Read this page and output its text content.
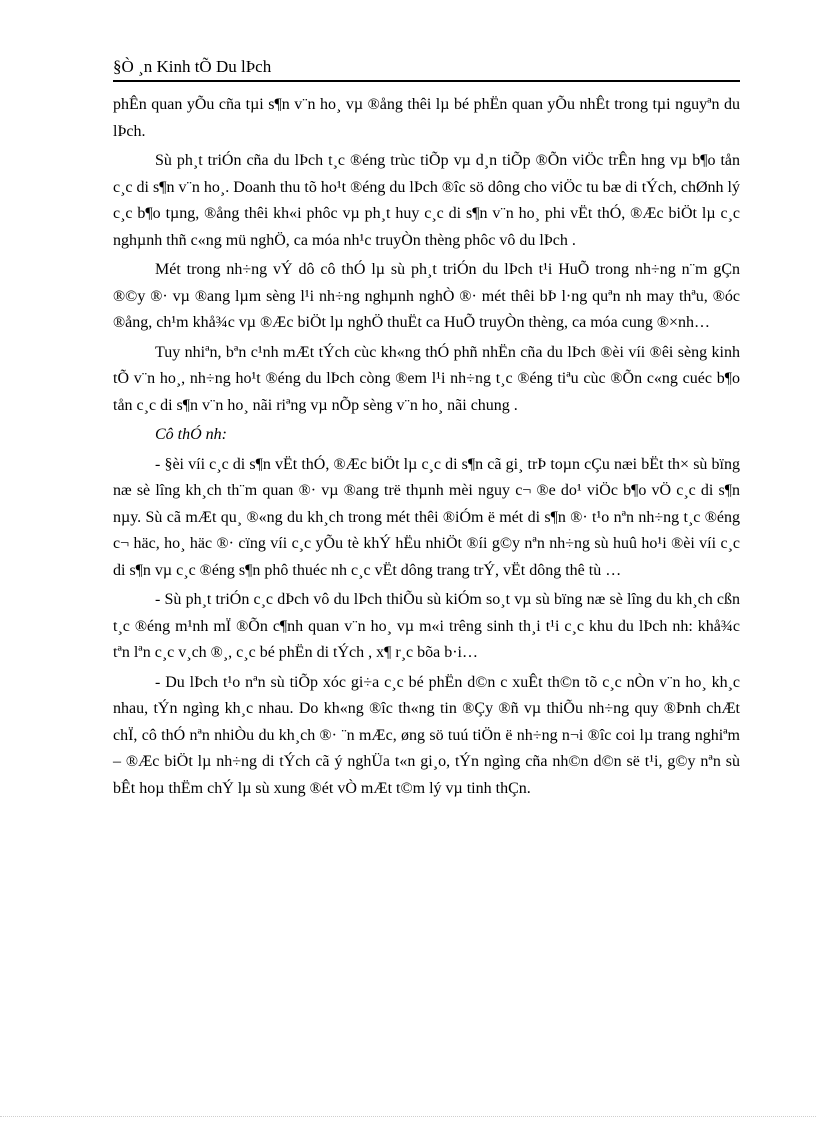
§Ò ¸n Kinh tÕ Du lÞch

phÊn quan yÕu cña tµi s¶n v¨n ho¸ vµ ®ång thêi lµ bé phËn quan yÕu nhÊt trong tµi nguyªn du lÞch.

Sù ph¸t triÓn cña du lÞch t¸c ®éng trùc tiÕp vµ d¸n tiÕp ®Õn viÖc trÊn hng vµ b¶o tån c¸c di s¶n v¨n ho¸. Doanh thu tõ ho¹t ®éng du lÞch ®îc sö dông cho viÖc tu bæ di tÝch, chØnh lý c¸c b¶o tµng, ®ång thêi kh«i phôc vµ ph¸t huy c¸c di s¶n v¨n ho¸ phi vËt thÓ, ®Æc biÖt lµ c¸c nghµnh thñ c«ng mü nghÖ, ca móa nh¹c truyÒn thèng phôc vô du lÞch .

Mét trong nh÷ng vÝ dô cô thÓ lµ sù ph¸t triÓn du lÞch t¹i HuÕ trong nh÷ng n¨m gÇn ®©y ®· vµ ®ang lµm sèng l¹i nh÷ng nghµnh nghÒ ®· mét thêi bÞ l·ng quªn nh may thªu, ®óc ®ång, ch¹m khå¾c vµ ®Æc biÖt lµ nghÖ thuËt ca HuÕ truyÒn thèng, ca móa cung ®×nh…

Tuy nhiªn, bªn c¹nh mÆt tÝch cùc kh«ng thÓ phñ nhËn cña du lÞch ®èi víi ®êi sèng kinh tÕ v¨n ho¸, nh÷ng ho¹t ®éng du lÞch còng ®em l¹i nh÷ng t¸c ®éng tiªu cùc ®Õn c«ng cuéc b¶o tån c¸c di s¶n v¨n ho¸ nãi riªng vµ nÕp sèng v¨n ho¸ nãi chung .

Cô thÓ nh:

- §èi víi c¸c di s¶n vËt thÓ, ®Æc biÖt lµ c¸c di s¶n cã gi¸ trÞ toµn cÇu næi bËt th× sù bïng næ sè lîng kh¸ch th¨m quan ®· vµ ®ang trë thµnh mèi nguy c¬ ®e do¹ viÖc b¶o vÖ c¸c di s¶n nµy. Sù cã mÆt qu¸ ®«ng du kh¸ch trong mét thêi ®iÓm ë mét di s¶n ®· t¹o nªn nh÷ng t¸c ®éng c¬ häc, ho¸ häc ®· cïng víi c¸c yÕu tè khÝ hËu nhiÖt ®íi g©y nªn nh÷ng sù huû ho¹i ®èi víi c¸c di s¶n vµ c¸c ®éng s¶n phô thuéc nh c¸c vËt dông trang trÝ, vËt dông thê tù …

- Sù ph¸t triÓn c¸c dÞch vô du lÞch thiÕu sù kiÓm so¸t vµ sù bïng næ sè lîng du kh¸ch cßn t¸c ®éng m¹nh mÏ ®Õn c¶nh quan v¨n ho¸ vµ m«i trêng sinh th¸i t¹i c¸c khu du lÞch nh: khå¾c tªn lªn c¸c v¸ch ®¸, c¸c bé phËn di tÝch , x¶ r¸c bõa b·i…

- Du lÞch t¹o nªn sù tiÕp xóc gi÷a c¸c bé phËn d©n c xuÊt th©n tõ c¸c nÒn v¨n ho¸ kh¸c nhau, tÝn ngìng kh¸c nhau. Do kh«ng ®îc th«ng tin ®Çy ®ñ vµ thiÕu nh÷ng quy ®Þnh chÆt chÏ, cô thÓ nªn nhiÒu du kh¸ch ®· ¨n mÆc, øng sö tuú tiÖn ë nh÷ng n¬i ®îc coi lµ trang nghiªm – ®Æc biÖt lµ nh÷ng di tÝch cã ý nghÜa t«n gi¸o, tÝn ngìng cña nh©n d©n së t¹i, g©y nªn sù bÊt hoµ thËm chÝ lµ sù xung ®ét vÒ mÆt t©m lý vµ tinh thÇn.
